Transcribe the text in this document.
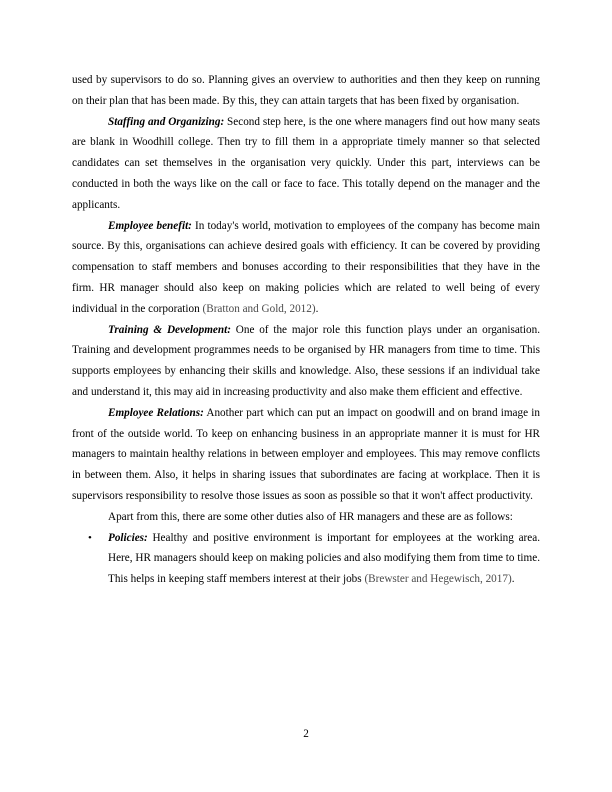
used by supervisors to do so. Planning gives an overview to authorities and then they keep on running on their plan that has been made. By this, they can attain targets that has been fixed by organisation.

Staffing and Organizing: Second step here, is the one where managers find out how many seats are blank in Woodhill college. Then try to fill them in a appropriate timely manner so that selected candidates can set themselves in the organisation very quickly. Under this part, interviews can be conducted in both the ways like on the call or face to face. This totally depend on the manager and the applicants.

Employee benefit: In today's world, motivation to employees of the company has become main source. By this, organisations can achieve desired goals with efficiency. It can be covered by providing compensation to staff members and bonuses according to their responsibilities that they have in the firm. HR manager should also keep on making policies which are related to well being of every individual in the corporation (Bratton and Gold, 2012).

Training & Development: One of the major role this function plays under an organisation. Training and development programmes needs to be organised by HR managers from time to time. This supports employees by enhancing their skills and knowledge. Also, these sessions if an individual take and understand it, this may aid in increasing productivity and also make them efficient and effective.

Employee Relations: Another part which can put an impact on goodwill and on brand image in front of the outside world. To keep on enhancing business in an appropriate manner it is must for HR managers to maintain healthy relations in between employer and employees. This may remove conflicts in between them. Also, it helps in sharing issues that subordinates are facing at workplace. Then it is supervisors responsibility to resolve those issues as soon as possible so that it won't affect productivity.

Apart from this, there are some other duties also of HR managers and these are as follows:

• Policies: Healthy and positive environment is important for employees at the working area. Here, HR managers should keep on making policies and also modifying them from time to time. This helps in keeping staff members interest at their jobs (Brewster and Hegewisch, 2017).
2
